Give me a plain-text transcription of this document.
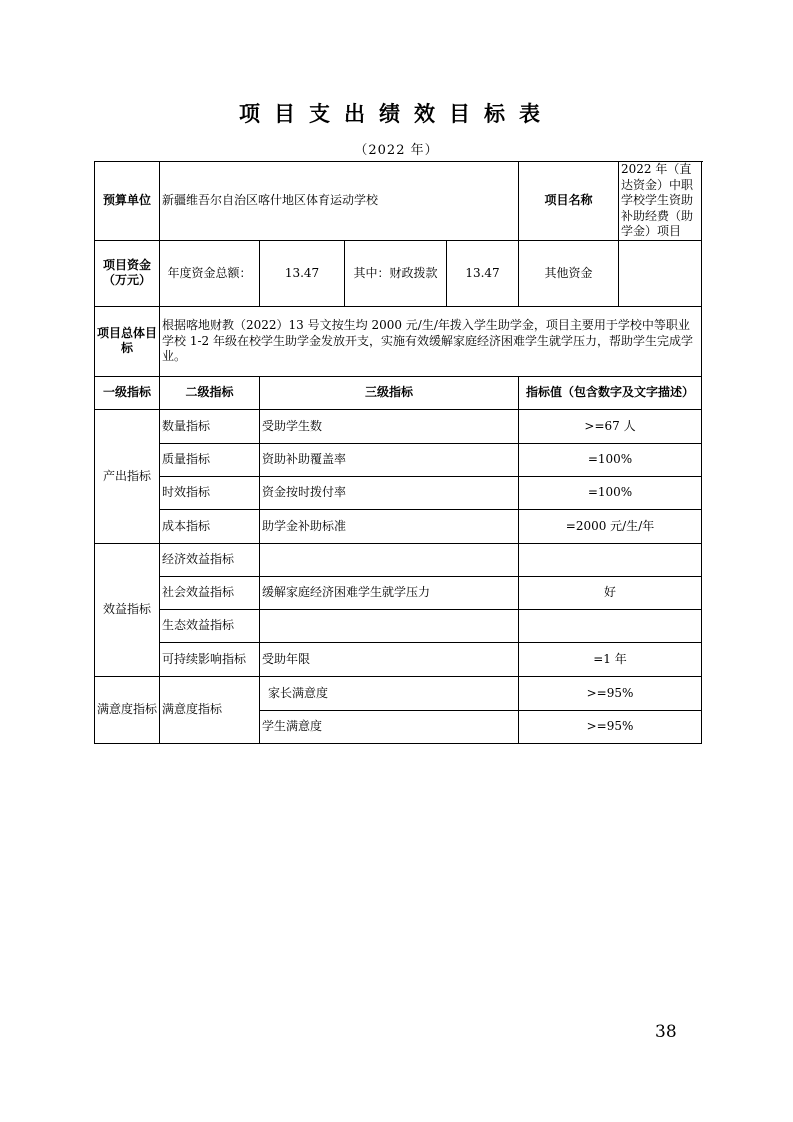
项目支出绩效目标表
（2022 年）
预算单位	新疆维吾尔自治区喀什地区体育运动学校				项目名称	2022 年（直达资金）中职学校学生资助补助经费（助学金）项目
项目资金（万元）	年度资金总额：	13.47	其中：财政拨款	13.47	其他资金	
项目总体目标	根据喀地财教（2022）13 号文按生均 2000 元/生/年拨入学生助学金，项目主要用于学校中等职业学校 1-2 年级在校学生助学金发放开支，实施有效缓解家庭经济困难学生就学压力，帮助学生完成学业。					
一级指标	二级指标	三级指标			指标值（包含数字及文字描述）	
产出指标	数量指标	受助学生数			>=67 人	
	质量指标	资助补助覆盖率			=100%	
	时效指标	资金按时拨付率			=100%	
	成本指标	助学金补助标准			=2000 元/生/年	
效益指标	经济效益指标					
	社会效益指标	缓解家庭经济困难学生就学压力			好	
	生态效益指标					
	可持续影响指标	受助年限			=1 年	
满意度指标	满意度指标	家长满意度			>=95%	
		学生满意度			>=95%	
38
